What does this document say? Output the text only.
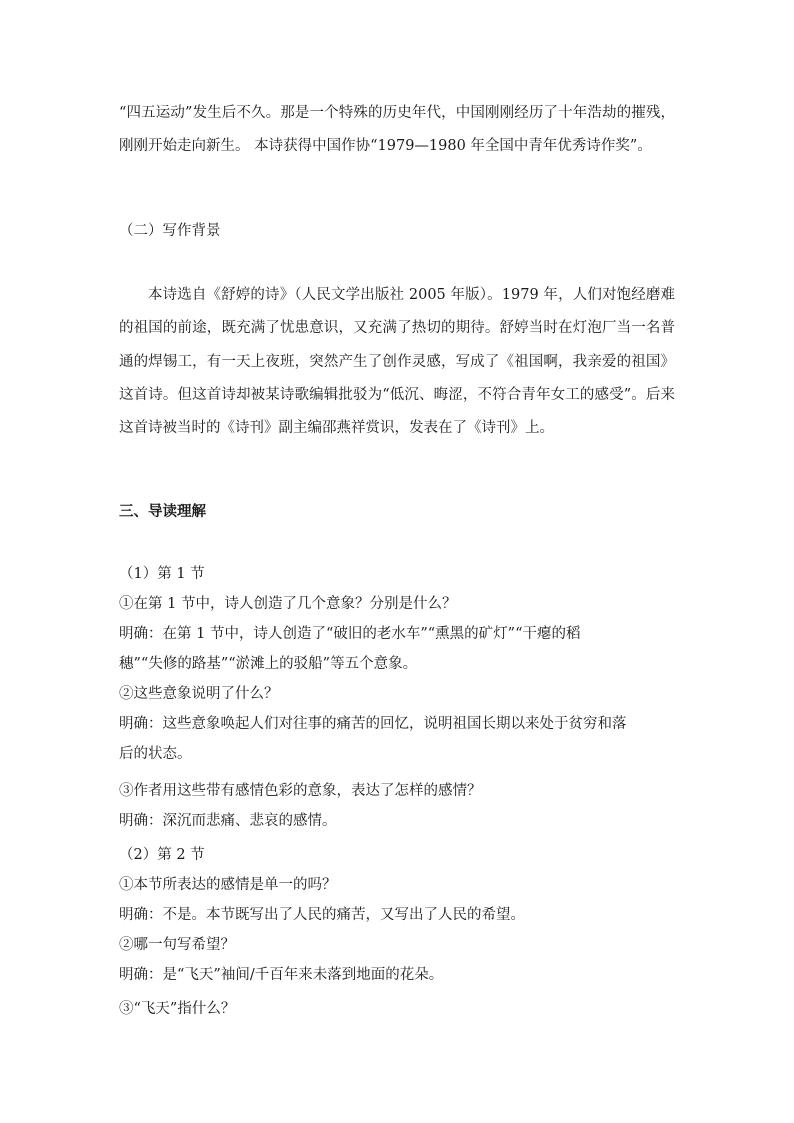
“四五运动”发生后不久。那是一个特殊的历史年代，中国刚刚经历了十年浩劫的摧残，刚刚开始走向新生。 本诗获得中国作协“1979—1980 年全国中青年优秀诗作奖”。

（二）写作背景

本诗选自《舒婷的诗》（人民文学出版社 2005 年版）。1979 年，人们对饱经磨难的祖国的前途，既充满了忧患意识，又充满了热切的期待。舒婷当时在灯泡厂当一名普通的焊锡工，有一天上夜班，突然产生了创作灵感，写成了《祖国啊，我亲爱的祖国》这首诗。但这首诗却被某诗歌编辑批驳为“低沉、晦涩，不符合青年女工的感受”。后来这首诗被当时的《诗刊》副主编邵燕祥赏识，发表在了《诗刊》上。

三、导读理解

（1）第 1 节

①在第 1 节中，诗人创造了几个意象？分别是什么？

明确：在第 1 节中，诗人创造了“破旧的老水车”“熏黑的矿灯”“干瘪的稻

穗”“失修的路基”“淤滩上的驳船”等五个意象。

②这些意象说明了什么？

明确：这些意象唤起人们对往事的痛苦的回忆，说明祖国长期以来处于贫穷和落

后的状态。

③作者用这些带有感情色彩的意象，表达了怎样的感情？

明确：深沉而悲痛、悲哀的感情。

（2）第 2 节

①本节所表达的感情是单一的吗？

明确：不是。本节既写出了人民的痛苦，又写出了人民的希望。

②哪一句写希望？

明确：是“飞天”袖间/千百年来未落到地面的花朵。

③“飞天”指什么？
